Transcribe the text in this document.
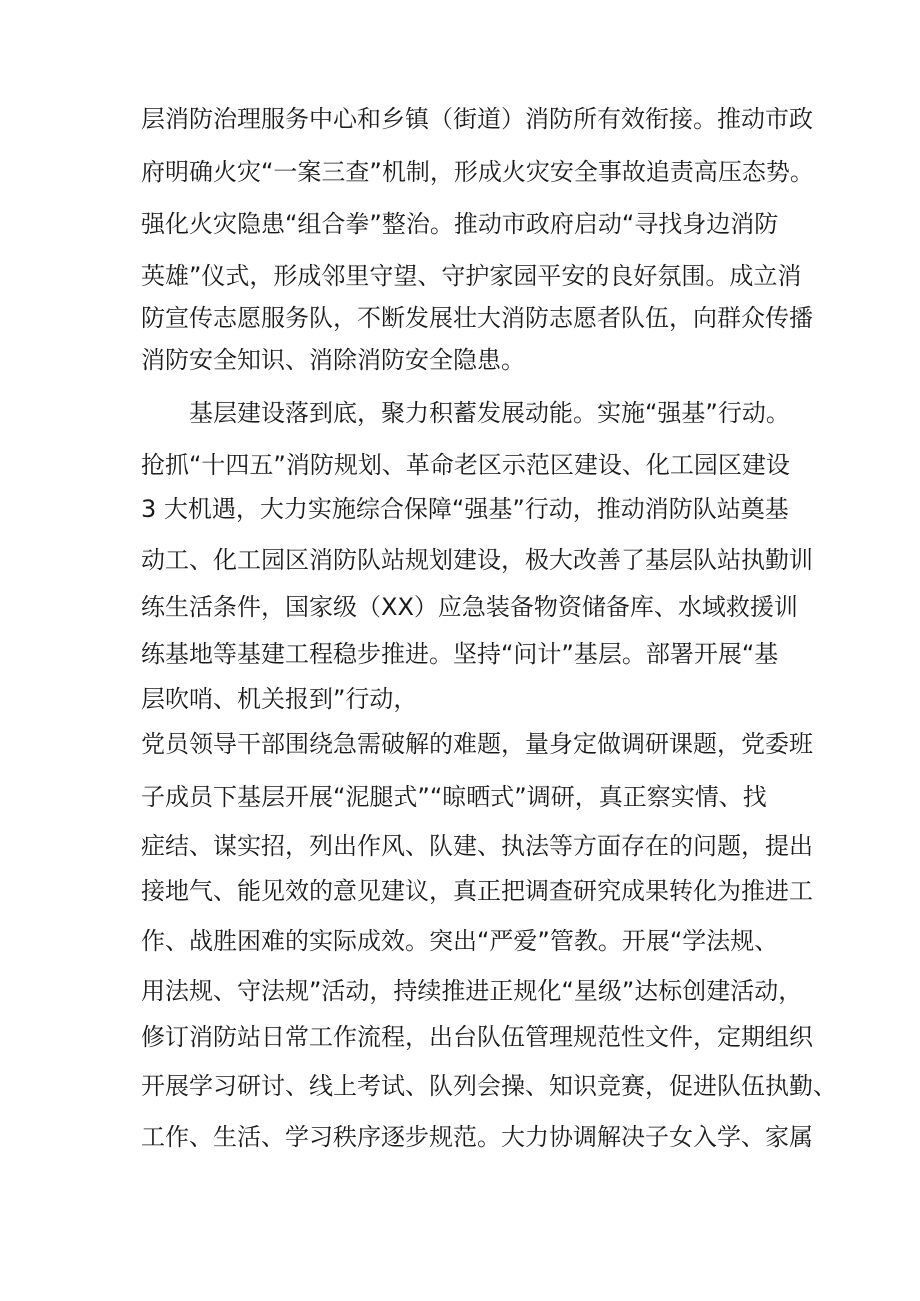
层消防治理服务中心和乡镇（街道）消防所有效衔接。推动市政
府明确火灾“一案三查”机制，形成火灾安全事故追责高压态势。
强化火灾隐患“组合拳”整治。推动市政府启动“寻找身边消防
英雄”仪式，形成邻里守望、守护家园平安的良好氛围。成立消
防宣传志愿服务队，不断发展壮大消防志愿者队伍，向群众传播
消防安全知识、消除消防安全隐患。
基层建设落到底，聚力积蓄发展动能。实施“强基”行动。
抢抓“十四五”消防规划、革命老区示范区建设、化工园区建设
3 大机遇，大力实施综合保障“强基”行动，推动消防队站奠基
动工、化工园区消防队站规划建设，极大改善了基层队站执勤训
练生活条件，国家级（XX）应急装备物资储备库、水域救援训
练基地等基建工程稳步推进。坚持“问计”基层。部署开展“基
层吹哨、机关报到”行动，
党员领导干部围绕急需破解的难题，量身定做调研课题，党委班
子成员下基层开展“泥腿式”“晾晒式”调研，真正察实情、找
症结、谋实招，列出作风、队建、执法等方面存在的问题，提出
接地气、能见效的意见建议，真正把调查研究成果转化为推进工
作、战胜困难的实际成效。突出“严爱”管教。开展“学法规、
用法规、守法规”活动，持续推进正规化“星级”达标创建活动，
修订消防站日常工作流程，出台队伍管理规范性文件，定期组织
开展学习研讨、线上考试、队列会操、知识竞赛，促进队伍执勤、
工作、生活、学习秩序逐步规范。大力协调解决子女入学、家属
